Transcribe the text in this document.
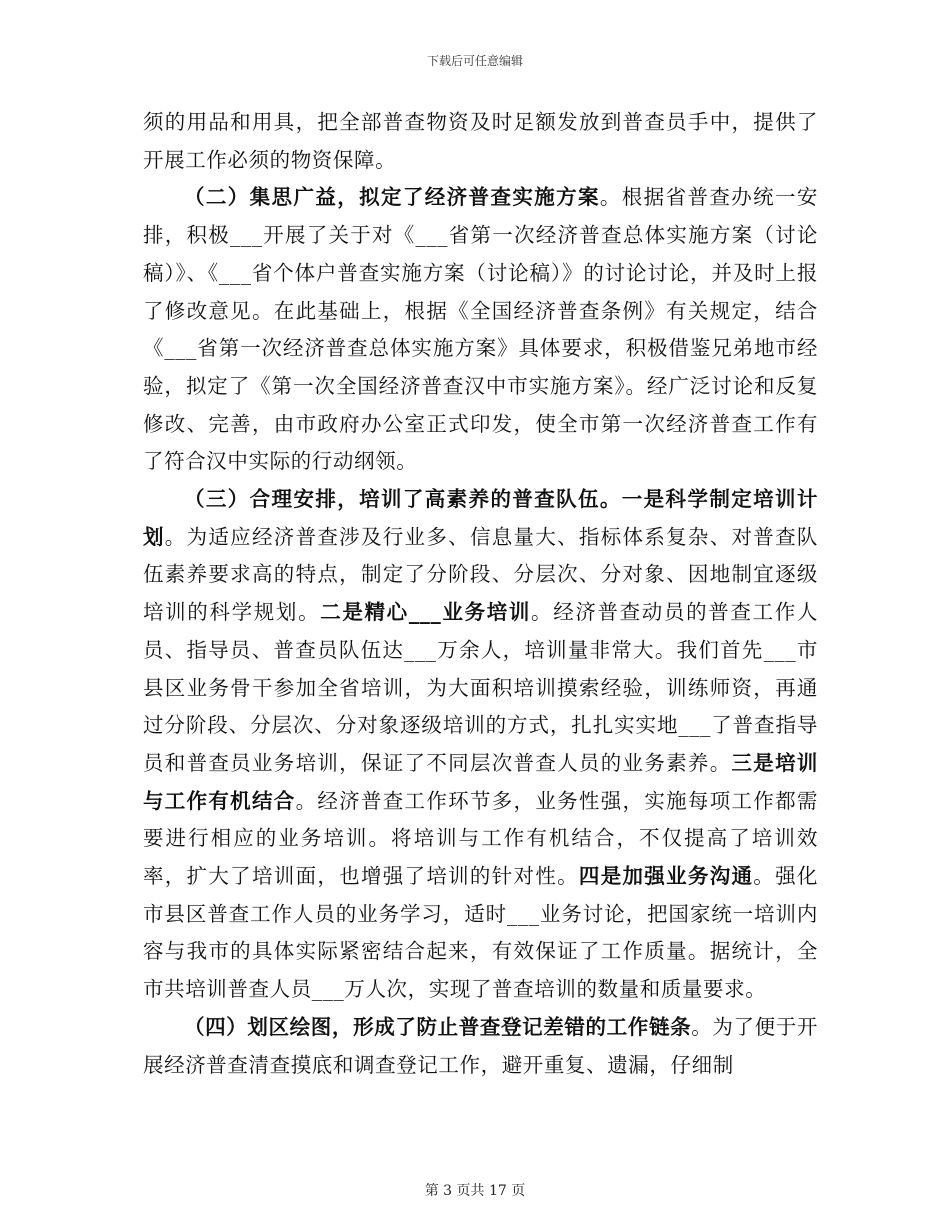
下载后可任意编辑

须的用品和用具，把全部普查物资及时足额发放到普查员手中，提供了开展工作必须的物资保障。

（二）集思广益，拟定了经济普查实施方案。根据省普查办统一安排，积极___开展了关于对《___省第一次经济普查总体实施方案（讨论稿）》、《___省个体户普查实施方案（讨论稿）》的讨论讨论，并及时上报了修改意见。在此基础上，根据《全国经济普查条例》有关规定，结合《___省第一次经济普查总体实施方案》具体要求，积极借鉴兄弟地市经验，拟定了《第一次全国经济普查汉中市实施方案》。经广泛讨论和反复修改、完善，由市政府办公室正式印发，使全市第一次经济普查工作有了符合汉中实际的行动纲领。

（三）合理安排，培训了高素养的普查队伍。一是科学制定培训计划。为适应经济普查涉及行业多、信息量大、指标体系复杂、对普查队伍素养要求高的特点，制定了分阶段、分层次、分对象、因地制宜逐级培训的科学规划。二是精心___业务培训。经济普查动员的普查工作人员、指导员、普查员队伍达___万余人，培训量非常大。我们首先___市县区业务骨干参加全省培训，为大面积培训摸索经验，训练师资，再通过分阶段、分层次、分对象逐级培训的方式，扎扎实实地___了普查指导员和普查员业务培训，保证了不同层次普查人员的业务素养。三是培训与工作有机结合。经济普查工作环节多，业务性强，实施每项工作都需要进行相应的业务培训。将培训与工作有机结合，不仅提高了培训效率，扩大了培训面，也增强了培训的针对性。四是加强业务沟通。强化市县区普查工作人员的业务学习，适时___业务讨论，把国家统一培训内容与我市的具体实际紧密结合起来，有效保证了工作质量。据统计，全市共培训普查人员___万人次，实现了普查培训的数量和质量要求。

（四）划区绘图，形成了防止普查登记差错的工作链条。为了便于开展经济普查清查摸底和调查登记工作，避开重复、遗漏，仔细制

第 3 页共 17 页
